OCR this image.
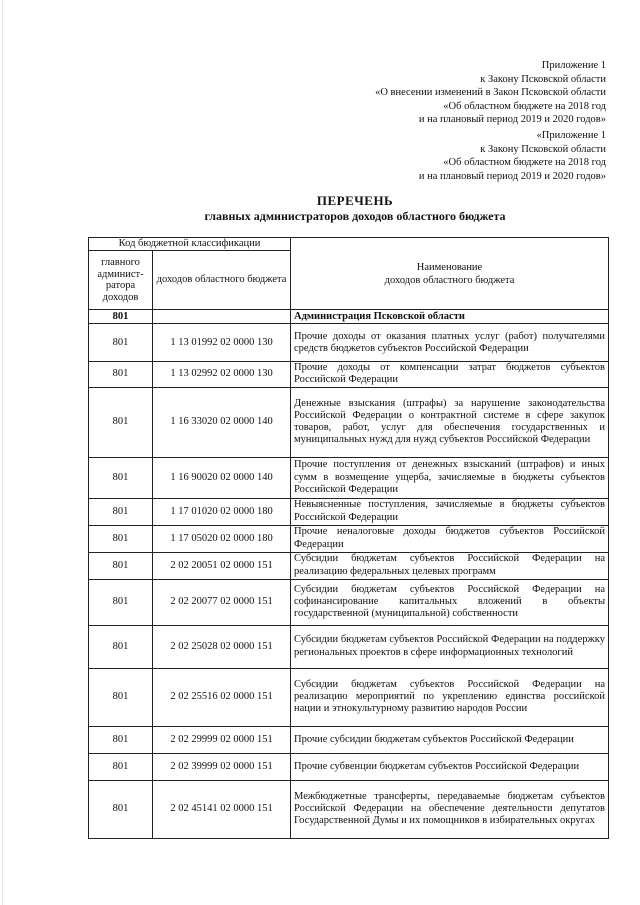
Приложение 1
к Закону Псковской области
«О внесении изменений в Закон Псковской области
«Об областном бюджете на 2018 год
и на плановый период 2019 и 2020 годов»
«Приложение 1
к Закону Псковской области
«Об областном бюджете на 2018 год
и на плановый период 2019 и 2020 годов»
ПЕРЕЧЕНЬ
главных администраторов доходов областного бюджета
Код бюджетной классификации		Наименование
доходов областного бюджета

главного админист-ратора доходов	доходов областного бюджета	
801		Администрация Псковской области
801	1 13 01992 02 0000 130	Прочие доходы от оказания платных услуг (работ) получателями средств бюджетов субъектов Российской Федерации
801	1 13 02992 02 0000 130	Прочие доходы от компенсации затрат бюджетов субъектов Российской Федерации
801	1 16 33020 02 0000 140	Денежные взыскания (штрафы) за нарушение законодательства Российской Федерации о контрактной системе в сфере закупок товаров, работ, услуг для обеспечения государственных и муниципальных нужд для нужд субъектов Российской Федерации
801	1 16 90020 02 0000 140	Прочие поступления от денежных взысканий (штрафов) и иных сумм в возмещение ущерба, зачисляемые в бюджеты субъектов Российской Федерации
801	1 17 01020 02 0000 180	Невыясненные поступления, зачисляемые в бюджеты субъектов Российской Федерации
801	1 17 05020 02 0000 180	Прочие неналоговые доходы бюджетов субъектов Российской Федерации
801	2 02 20051 02 0000 151	Субсидии бюджетам субъектов Российской Федерации на реализацию федеральных целевых программ
801	2 02 20077 02 0000 151	Субсидии бюджетам субъектов Российской Федерации на софинансирование капитальных вложений в объекты государственной (муниципальной) собственности
801	2 02 25028 02 0000 151	Субсидии бюджетам субъектов Российской Федерации на поддержку региональных проектов в сфере информационных технологий
801	2 02 25516 02 0000 151	Субсидии бюджетам субъектов Российской Федерации на реализацию мероприятий по укреплению единства российской нации и этнокультурному развитию народов России
801	2 02 29999 02 0000 151	Прочие субсидии бюджетам субъектов Российской Федерации
801	2 02 39999 02 0000 151	Прочие субвенции бюджетам субъектов Российской Федерации
801	2 02 45141 02 0000 151	Межбюджетные трансферты, передаваемые бюджетам субъектов Российской Федерации на обеспечение деятельности депутатов Государственной Думы и их помощников в избирательных округах
